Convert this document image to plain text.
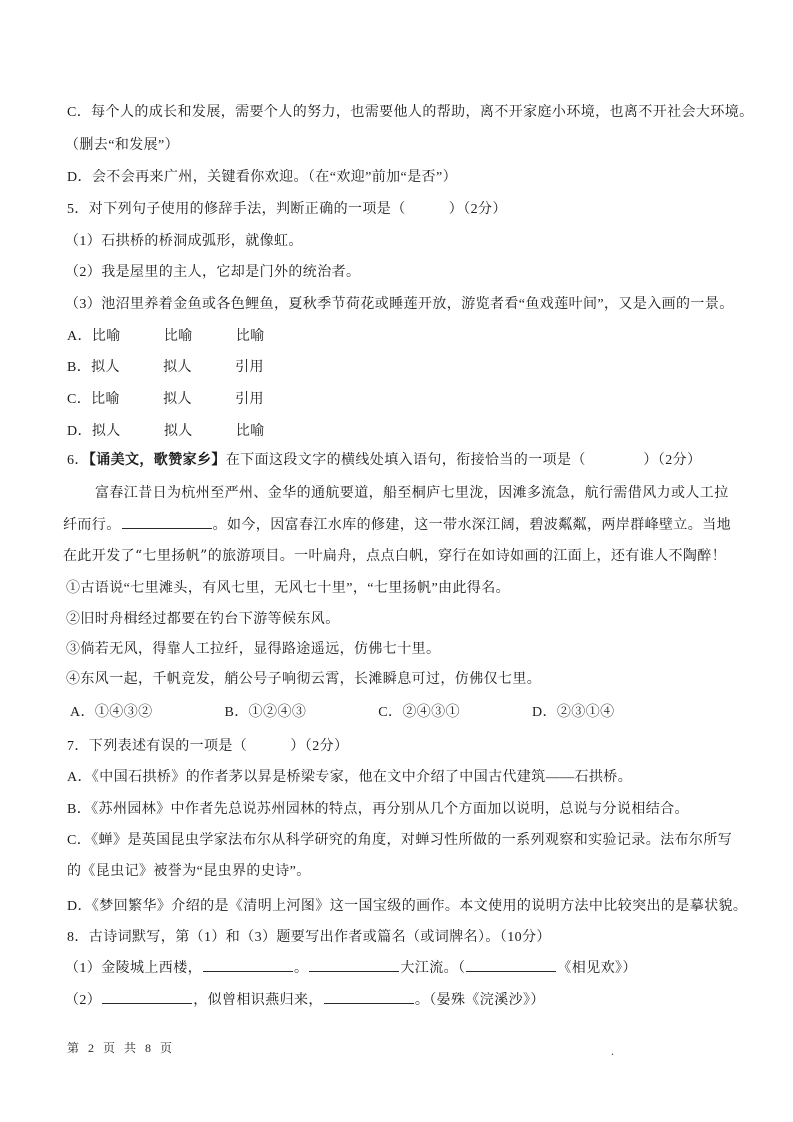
C．每个人的成长和发展，需要个人的努力，也需要他人的帮助，离不开家庭小环境，也离不开社会大环境。
（删去“和发展”）
D．会不会再来广州，关键看你欢迎。（在“欢迎”前加“是否”）
5．对下列句子使用的修辞手法，判断正确的一项是（　　　）（2分）
（1）石拱桥的桥洞成弧形，就像虹。
（2）我是屋里的主人，它却是门外的统治者。
（3）池沼里养着金鱼或各色鲤鱼，夏秋季节荷花或睡莲开放，游览者看“鱼戏莲叶间”，又是入画的一景。
A．比喻　　　比喻　　　比喻
B．拟人　　　拟人　　　引用
C．比喻　　　拟人　　　引用
D．拟人　　　拟人　　　比喻
6．【诵美文，歌赞家乡】在下面这段文字的横线处填入语句，衔接恰当的一项是（　　　　）（2分）
富春江昔日为杭州至严州、金华的通航要道，船至桐庐七里泷，因滩多流急，航行需借风力或人工拉
纤而行。	。如今，因富春江水库的修建，这一带水深江阔，碧波粼粼，两岸群峰壁立。当地
在此开发了“七里扬帆”的旅游项目。一叶扁舟，点点白帆，穿行在如诗如画的江面上，还有谁人不陶醉！
①古语说“七里滩头，有风七里，无风七十里”，“七里扬帆”由此得名。
②旧时舟楫经过都要在钓台下游等候东风。
③倘若无风，得靠人工拉纤，显得路途遥远，仿佛七十里。
④东风一起，千帆竞发，艄公号子响彻云霄，长滩瞬息可过，仿佛仅七里。
A．①④③②　　　　　B．①②④③　　　　　C．②④③①　　　　　D．②③①④
7．下列表述有误的一项是（　　　）（2分）
A．《中国石拱桥》的作者茅以昇是桥梁专家，他在文中介绍了中国古代建筑——石拱桥。
B．《苏州园林》中作者先总说苏州园林的特点，再分别从几个方面加以说明，总说与分说相结合。
C．《蝉》是英国昆虫学家法布尔从科学研究的角度，对蝉习性所做的一系列观察和实验记录。法布尔所写
的《昆虫记》被誉为“昆虫界的史诗”。
D．《梦回繁华》介绍的是《清明上河图》这一国宝级的画作。本文使用的说明方法中比较突出的是摹状貌。
8．古诗词默写，第（1）和（3）题要写出作者或篇名（或词牌名）。（10分）
（1）金陵城上西楼，	。	大江流。（	《相见欢》）
（2）	，似曾相识燕归来，	。（晏殊《浣溪沙》）
第 2 页 共 8 页	.
